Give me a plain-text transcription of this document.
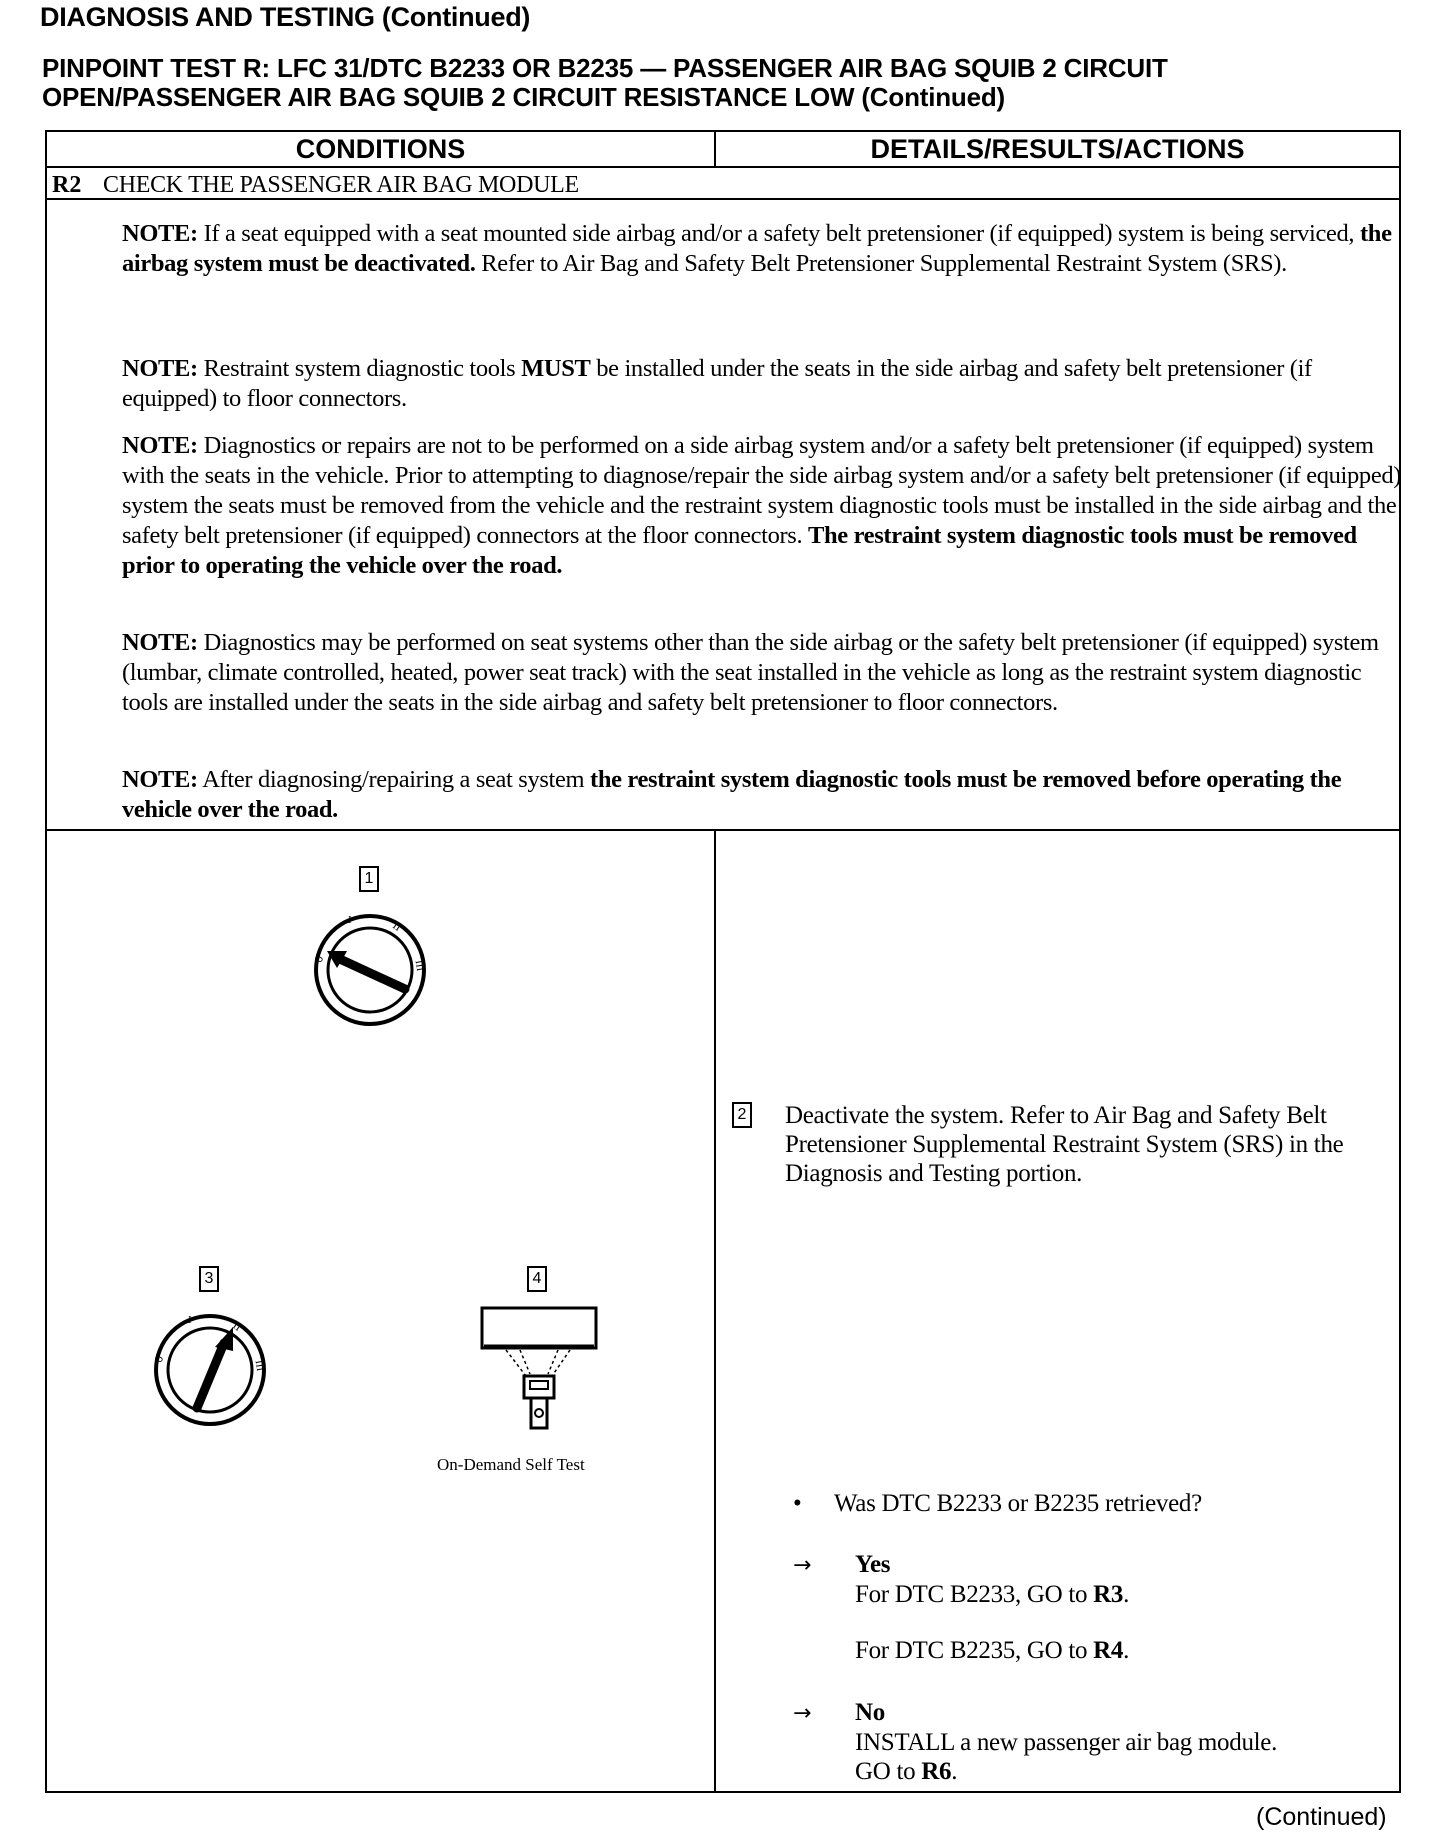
DIAGNOSIS AND TESTING (Continued)
PINPOINT TEST R: LFC 31/DTC B2233 OR B2235 — PASSENGER AIR BAG SQUIB 2 CIRCUIT
OPEN/PASSENGER AIR BAG SQUIB 2 CIRCUIT RESISTANCE LOW (Continued)
CONDITIONS	DETAILS/RESULTS/ACTIONS
R2 CHECK THE PASSENGER AIR BAG MODULE
NOTE: If a seat equipped with a seat mounted side airbag and/or a safety belt pretensioner (if equipped) system is being serviced, the airbag system must be deactivated. Refer to Air Bag and Safety Belt Pretensioner Supplemental Restraint System (SRS).
NOTE: Restraint system diagnostic tools MUST be installed under the seats in the side airbag and safety belt pretensioner (if equipped) to floor connectors.
NOTE: Diagnostics or repairs are not to be performed on a side airbag system and/or a safety belt pretensioner (if equipped) system with the seats in the vehicle. Prior to attempting to diagnose/repair the side airbag system and/or a safety belt pretensioner (if equipped) system the seats must be removed from the vehicle and the restraint system diagnostic tools must be installed in the side airbag and the safety belt pretensioner (if equipped) connectors at the floor connectors. The restraint system diagnostic tools must be removed prior to operating the vehicle over the road.
NOTE: Diagnostics may be performed on seat systems other than the side airbag or the safety belt pretensioner (if equipped) system (lumbar, climate controlled, heated, power seat track) with the seat installed in the vehicle as long as the restraint system diagnostic tools are installed under the seats in the side airbag and safety belt pretensioner to floor connectors.
NOTE: After diagnosing/repairing a seat system the restraint system diagnostic tools must be removed before operating the vehicle over the road.
1
0
I	II
III
3
0
I	II
III
4
On-Demand Self Test
2 Deactivate the system. Refer to Air Bag and Safety Belt Pretensioner Supplemental Restraint System (SRS) in the Diagnosis and Testing portion.
• Was DTC B2233 or B2235 retrieved?
→ Yes
For DTC B2233, GO to R3.
For DTC B2235, GO to R4.
→ No
INSTALL a new passenger air bag module.
GO to R6.
(Continued)
